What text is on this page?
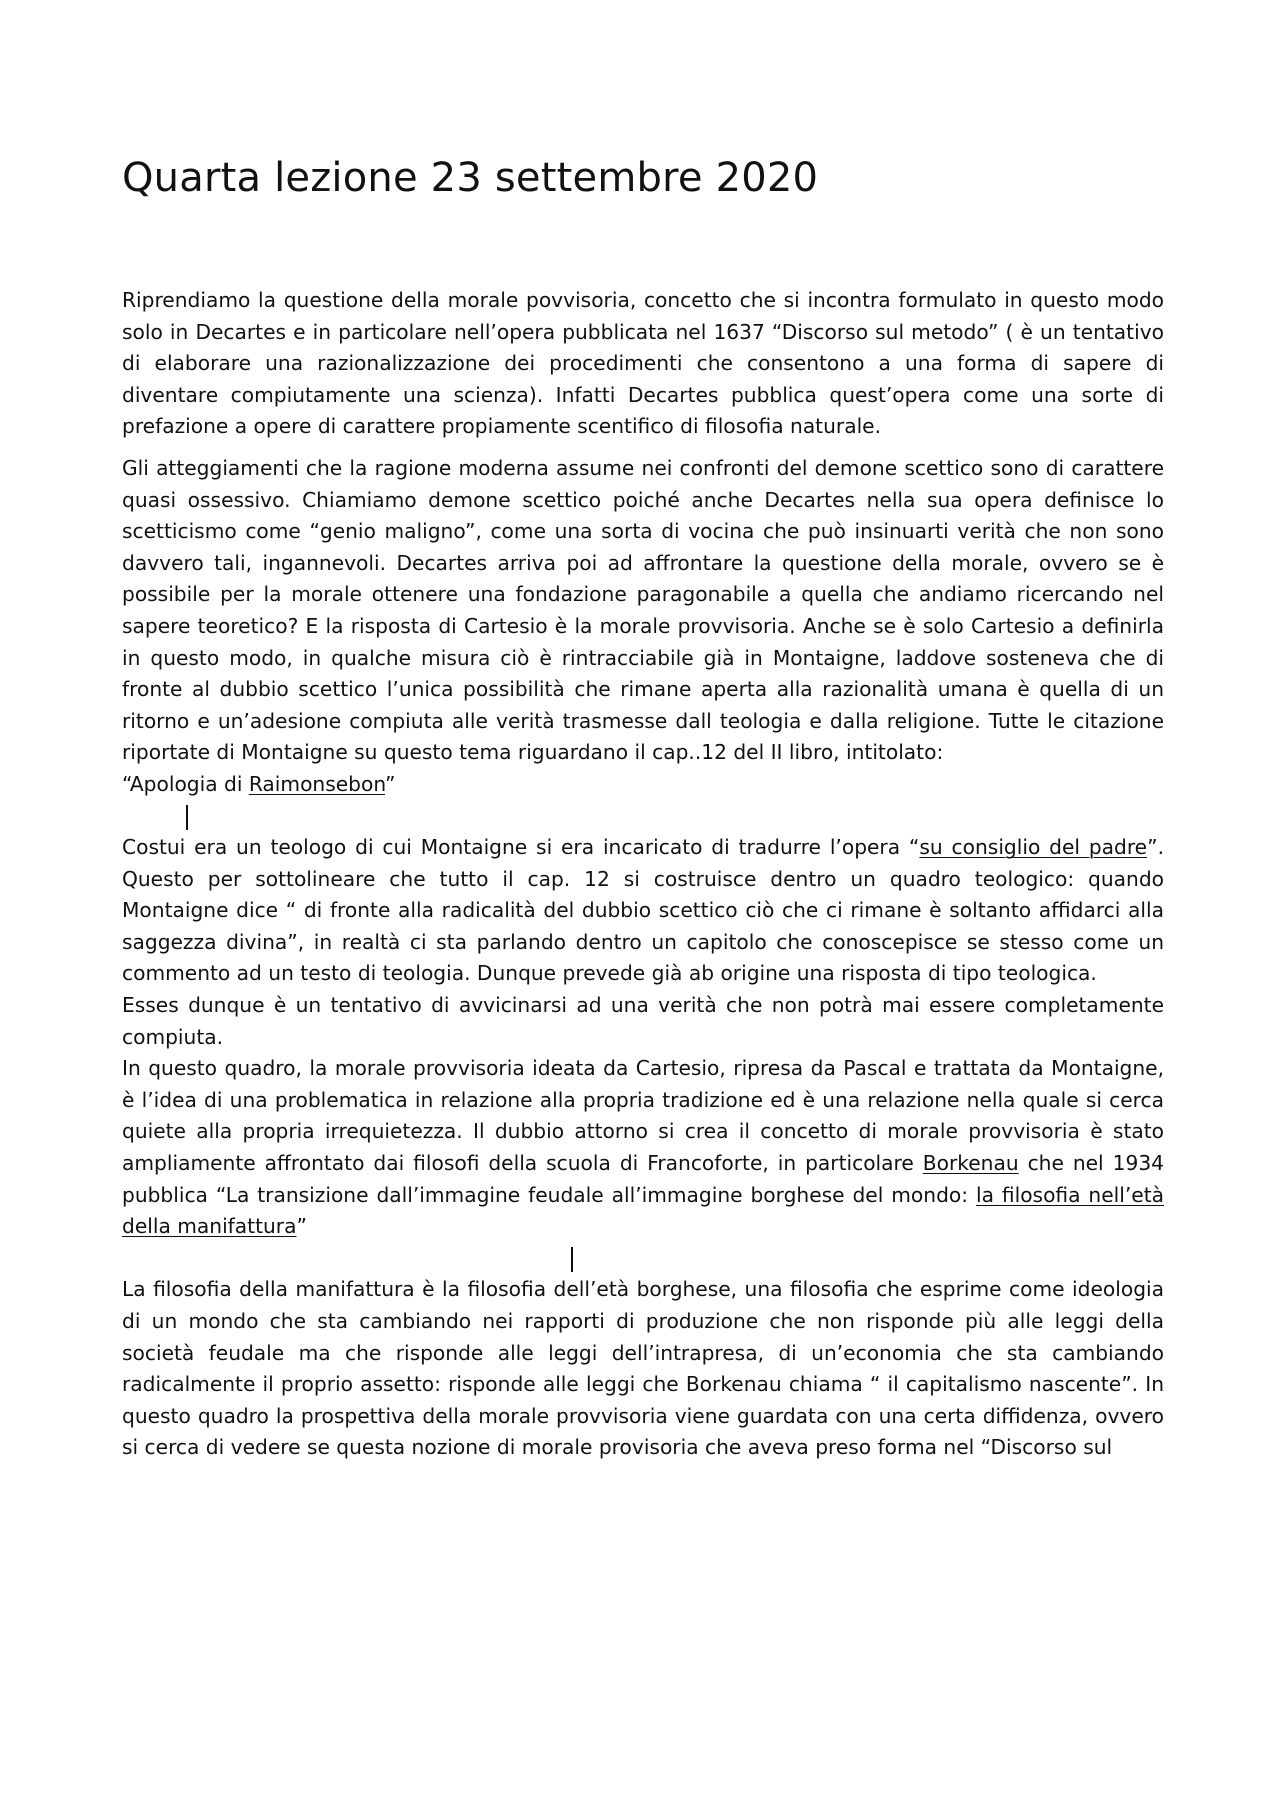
Quarta lezione 23 settembre 2020

Riprendiamo la questione della morale povvisoria, concetto che si incontra formulato in questo modo solo in Decartes e in particolare nell’opera pubblicata nel 1637 “Discorso sul metodo” ( è un tentativo di elaborare una razionalizzazione dei procedimenti che consentono a una forma di sapere di diventare compiutamente una scienza). Infatti Decartes pubblica quest’opera come una sorte di prefazione a opere di carattere propiamente scentifico di filosofia naturale.

Gli atteggiamenti che la ragione moderna assume nei confronti del demone scettico sono di carattere quasi ossessivo. Chiamiamo demone scettico poiché anche Decartes nella sua opera definisce lo scetticismo come “genio maligno”, come una sorta di vocina che può insinuarti verità che non sono davvero tali, ingannevoli. Decartes arriva poi ad affrontare la questione della morale, ovvero se è possibile per la morale ottenere una fondazione paragonabile a quella che andiamo ricercando nel sapere teoretico? E la risposta di Cartesio è la morale provvisoria. Anche se è solo Cartesio a definirla in questo modo, in qualche misura ciò è rintracciabile già in Montaigne, laddove sosteneva che di fronte al dubbio scettico l’unica possibilità che rimane aperta alla razionalità umana è quella di un ritorno e un’adesione compiuta alle verità trasmesse dall teologia e dalla religione. Tutte le citazione riportate di Montaigne su questo tema riguardano il cap..12 del II libro, intitolato:

“Apologia di Raimonsebon”

Costui era un teologo di cui Montaigne si era incaricato di tradurre l’opera “su consiglio del padre”. Questo per sottolineare che tutto il cap. 12 si costruisce dentro un quadro teologico: quando Montaigne dice “ di fronte alla radicalità del dubbio scettico ciò che ci rimane è soltanto affidarci alla saggezza divina”, in realtà ci sta parlando dentro un capitolo che conoscepisce se stesso come un commento ad un testo di teologia. Dunque prevede già ab origine una risposta di tipo teologica.

Esses dunque è un tentativo di avvicinarsi ad una verità che non potrà mai essere completamente compiuta.

In questo quadro, la morale provvisoria ideata da Cartesio, ripresa da Pascal e trattata da Montaigne, è l’idea di una problematica in relazione alla propria tradizione ed è una relazione nella quale si cerca quiete alla propria irrequietezza. Il dubbio attorno si crea il concetto di morale provvisoria è stato ampliamente affrontato dai filosofi della scuola di Francoforte, in particolare Borkenau che nel 1934 pubblica “La transizione dall’immagine feudale all’immagine borghese del mondo: la filosofia nell’età della manifattura”

La filosofia della manifattura è la filosofia dell’età borghese, una filosofia che esprime come ideologia di un mondo che sta cambiando nei rapporti di produzione che non risponde più alle leggi della società feudale ma che risponde alle leggi dell’intrapresa, di un’economia che sta cambiando radicalmente il proprio assetto: risponde alle leggi che Borkenau chiama “ il capitalismo nascente”. In questo quadro la prospettiva della morale provvisoria viene guardata con una certa diffidenza, ovvero si cerca di vedere se questa nozione di morale provisoria che aveva preso forma nel “Discorso sul
